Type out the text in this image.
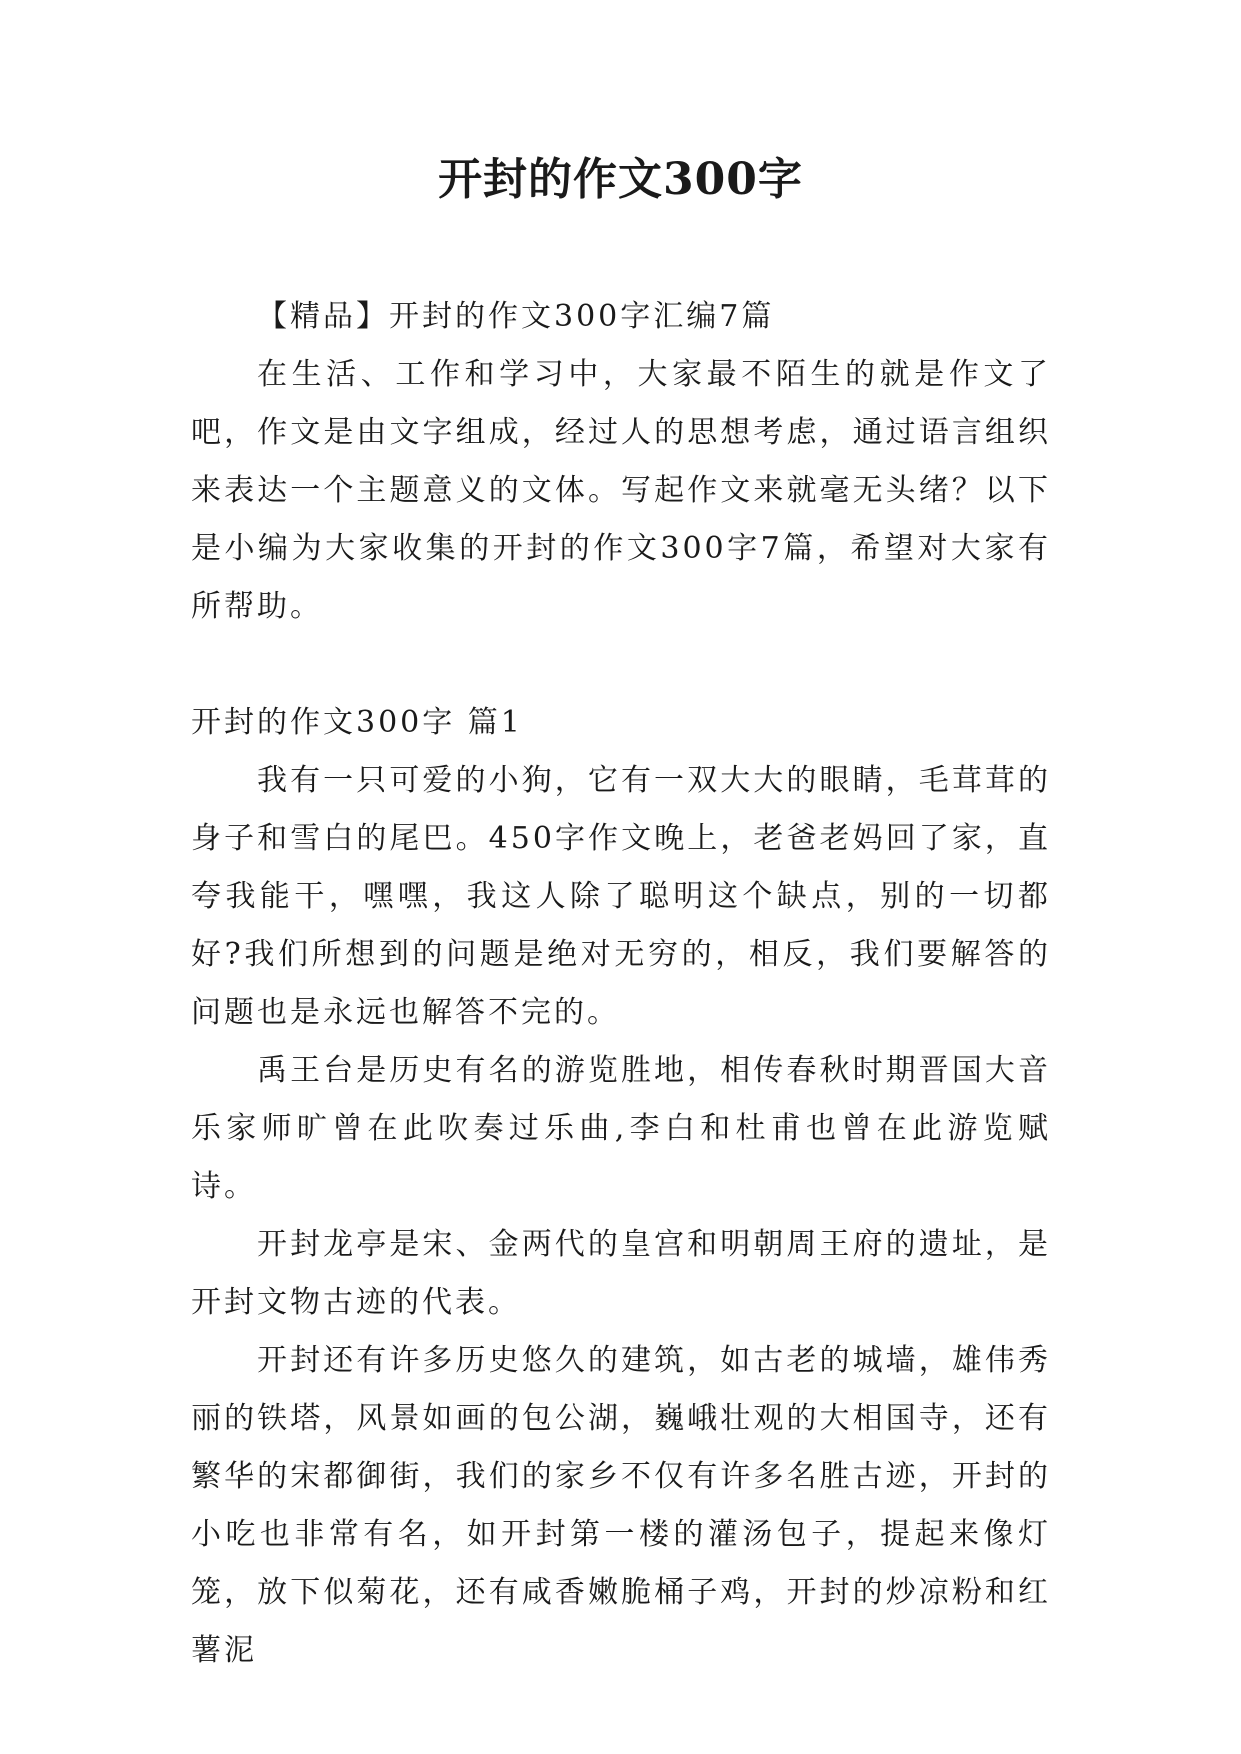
开封的作文300字

【精品】开封的作文300字汇编7篇

在生活、工作和学习中，大家最不陌生的就是作文了吧，作文是由文字组成，经过人的思想考虑，通过语言组织来表达一个主题意义的文体。写起作文来就毫无头绪？以下是小编为大家收集的开封的作文300字7篇，希望对大家有所帮助。

开封的作文300字 篇1

我有一只可爱的小狗，它有一双大大的眼睛，毛茸茸的身子和雪白的尾巴。450字作文晚上，老爸老妈回了家，直夸我能干，嘿嘿，我这人除了聪明这个缺点，别的一切都好?我们所想到的问题是绝对无穷的，相反，我们要解答的问题也是永远也解答不完的。

禹王台是历史有名的游览胜地，相传春秋时期晋国大音乐家师旷曾在此吹奏过乐曲,李白和杜甫也曾在此游览赋诗。

开封龙亭是宋、金两代的皇宫和明朝周王府的遗址，是开封文物古迹的代表。

开封还有许多历史悠久的建筑，如古老的城墙，雄伟秀丽的铁塔，风景如画的包公湖，巍峨壮观的大相国寺，还有繁华的宋都御街，我们的家乡不仅有许多名胜古迹，开封的小吃也非常有名，如开封第一楼的灌汤包子，提起来像灯笼，放下似菊花，还有咸香嫩脆桶子鸡，开封的炒凉粉和红薯泥
